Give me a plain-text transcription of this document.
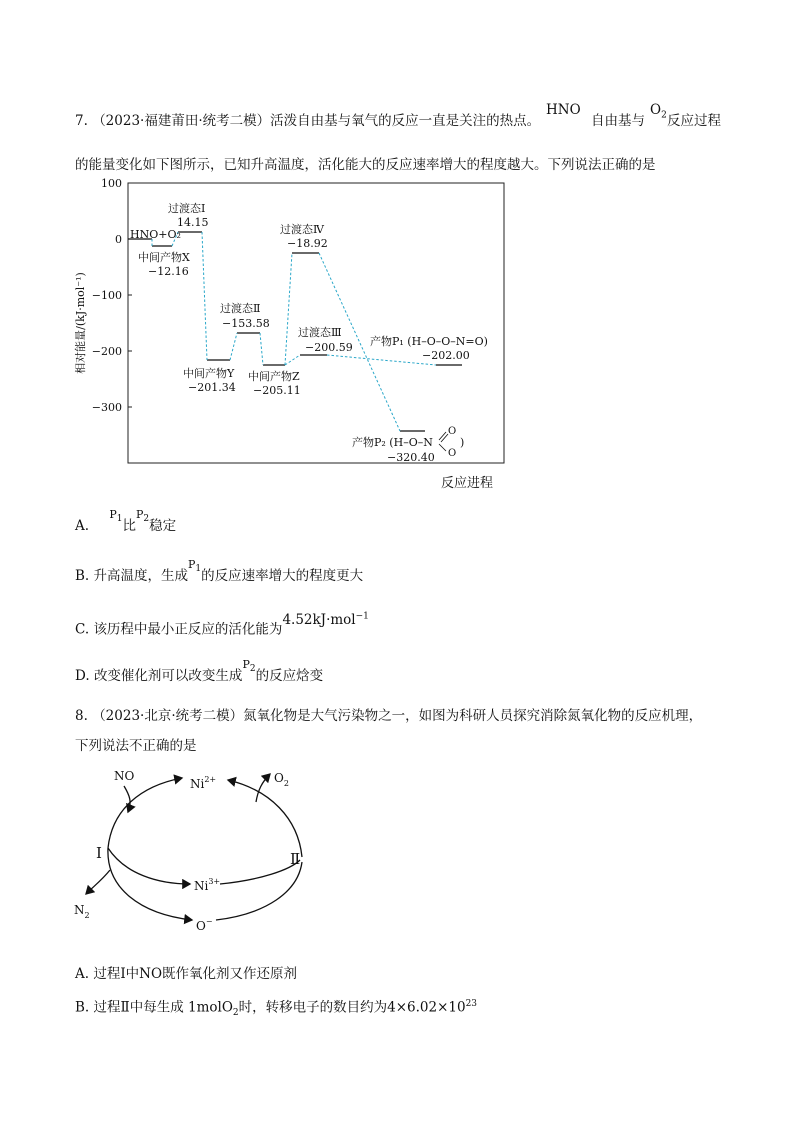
7. （2023·福建莆田·统考二模）活泼自由基与氧气的反应一直是关注的热点。
HNO
自由基与
$O_2$ 反应过程
的能量变化如下图所示，已知升高温度，活化能大的反应速率增大的程度越大。下列说法正确的是
100
0
−100
−200
−300
相对能量/(kJ·mol⁻¹)
HNO+O₂
中间产物X
−12.16
过渡态Ⅰ
14.15
中间产物Y
−201.34
过渡态Ⅱ
−153.58
中间产物Z
−205.11
过渡态Ⅳ
−18.92
过渡态Ⅲ
−200.59 产物P₁ (H–O–O–N=O)
−202.00
产物P₂ (H–O–N
O
O
)
−320.40
反应进程
A. $^{P_1}$比$^{P_2}$稳定
B. 升高温度，生成$^{P_1}$的反应速率增大的程度更大
C. 该历程中最小正反应的活化能为4.52kJ·mol$^{-1}$
D. 改变催化剂可以改变生成$^{P_2}$的反应焓变
8. （2023·北京·统考二模）氮氧化物是大气污染物之一，如图为科研人员探究消除氮氧化物的反应机理，
下列说法不正确的是
NO
$Ni^{2+}$	$O_2$
Ⅰ	Ⅱ
$Ni^{3+}$
$N_2$
O−
A. 过程Ⅰ中NO既作氧化剂又作还原剂
B. 过程Ⅱ中每生成 1molO$_2$时，转移电子的数目约为$4\times 6.02\times 10^{23}$
